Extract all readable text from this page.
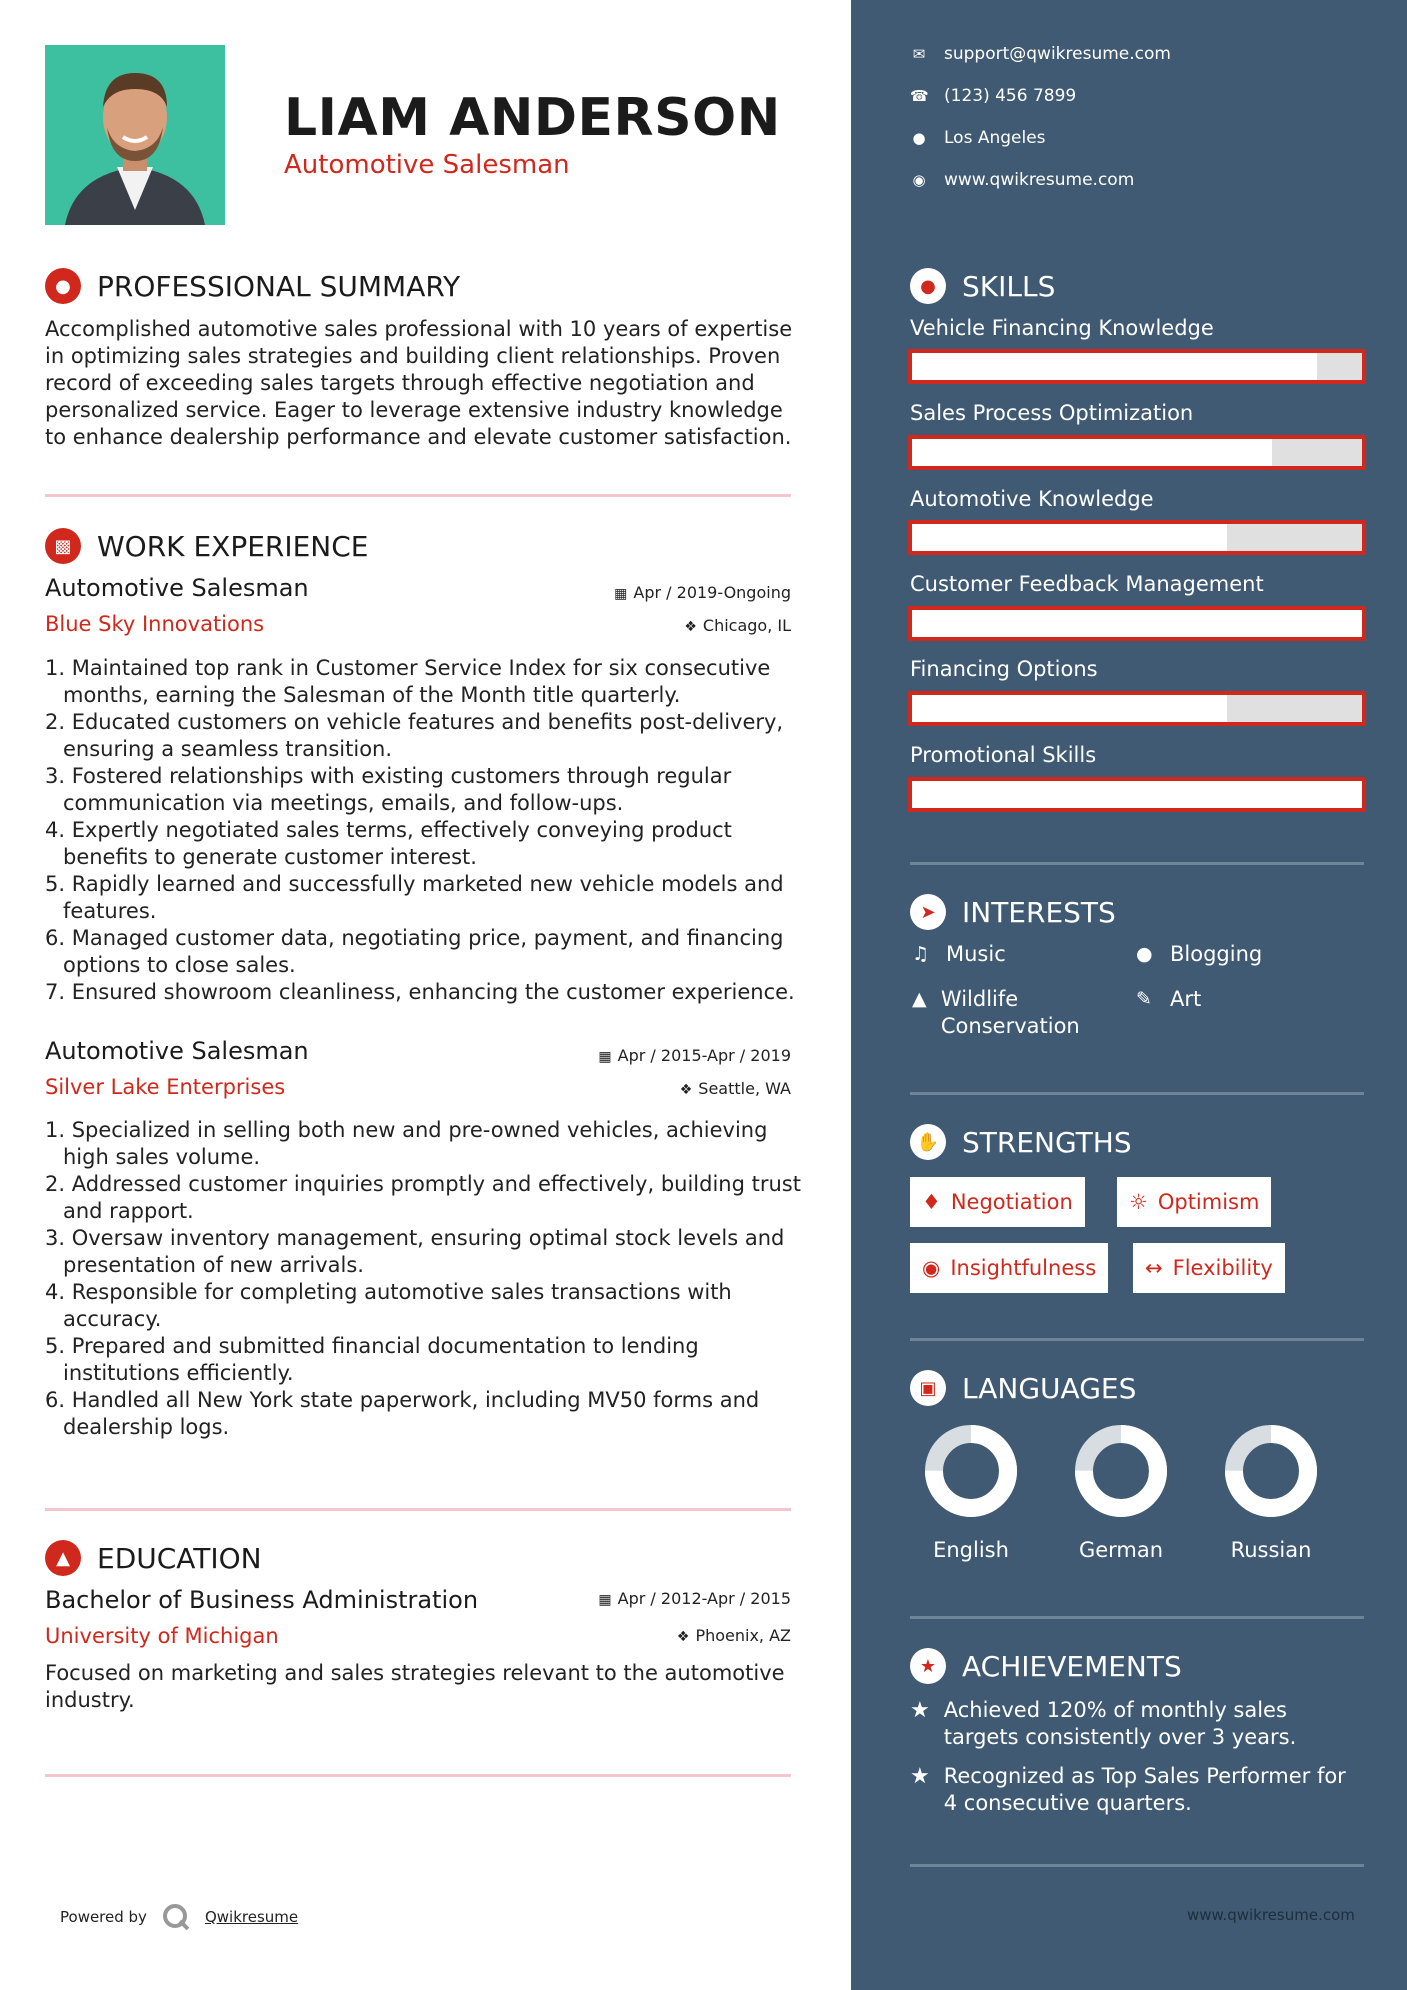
LIAM ANDERSON
Automotive Salesman
● PROFESSIONAL SUMMARY
Accomplished automotive sales professional with 10 years of expertise in optimizing sales strategies and building client relationships. Proven record of exceeding sales targets through effective negotiation and personalized service. Eager to leverage extensive industry knowledge to enhance dealership performance and elevate customer satisfaction.
▩ WORK EXPERIENCE
Automotive Salesman	▦ Apr / 2019-Ongoing
Blue Sky Innovations	❖ Chicago, IL
1. Maintained top rank in Customer Service Index for six consecutive months, earning the Salesman of the Month title quarterly.
2. Educated customers on vehicle features and benefits post-delivery, ensuring a seamless transition.
3. Fostered relationships with existing customers through regular communication via meetings, emails, and follow-ups.
4. Expertly negotiated sales terms, effectively conveying product benefits to generate customer interest.
5. Rapidly learned and successfully marketed new vehicle models and features.
6. Managed customer data, negotiating price, payment, and financing options to close sales.
7. Ensured showroom cleanliness, enhancing the customer experience.
Automotive Salesman	▦ Apr / 2015-Apr / 2019
Silver Lake Enterprises	❖ Seattle, WA
1. Specialized in selling both new and pre-owned vehicles, achieving high sales volume.
2. Addressed customer inquiries promptly and effectively, building trust and rapport.
3. Oversaw inventory management, ensuring optimal stock levels and presentation of new arrivals.
4. Responsible for completing automotive sales transactions with accuracy.
5. Prepared and submitted financial documentation to lending institutions efficiently.
6. Handled all New York state paperwork, including MV50 forms and dealership logs.
▲ EDUCATION
Bachelor of Business Administration	▦ Apr / 2012-Apr / 2015
University of Michigan	❖ Phoenix, AZ
Focused on marketing and sales strategies relevant to the automotive industry.
Powered by	Qwikresume
✉ support@qwikresume.com
☎ (123) 456 7899
● Los Angeles
◉ www.qwikresume.com
● SKILLS
Vehicle Financing Knowledge
Sales Process Optimization
Automotive Knowledge
Customer Feedback Management
Financing Options
Promotional Skills
➤ INTERESTS
♫ Music	● Blogging
▲ Wildlife Conservation
✎ Art
✋ STRENGTHS
♦ Negotiation	☼ Optimism
◉ Insightfulness ↔ Flexibility
▣ LANGUAGES
English	German	Russian
★ ACHIEVEMENTS
★ Achieved 120% of monthly sales targets consistently over 3 years.
★ Recognized as Top Sales Performer for 4 consecutive quarters.
www.qwikresume.com
